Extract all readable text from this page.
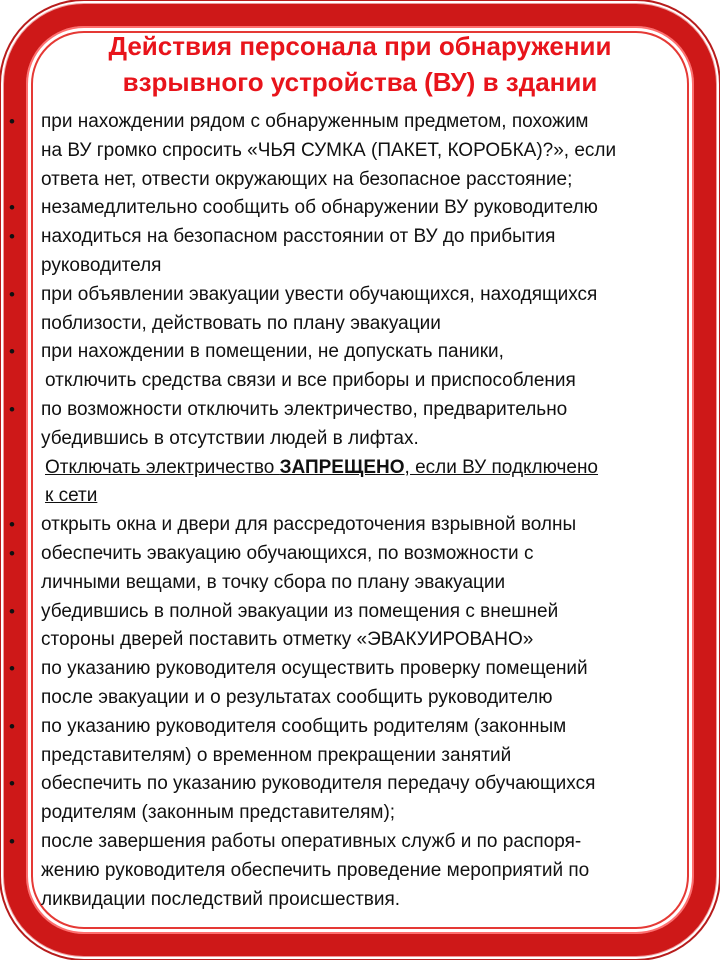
Действия персонала при обнаружении
взрывного устройства (ВУ) в здании
• при нахождении рядом с обнаруженным предметом, похожим
на ВУ громко спросить «ЧЬЯ СУМКА (ПАКЕТ, КОРОБКА)?», если
ответа нет, отвести окружающих на безопасное расстояние;
• незамедлительно сообщить об обнаружении ВУ руководителю
• находиться на безопасном расстоянии от ВУ до прибытия
руководителя
• при объявлении эвакуации увести обучающихся, находящихся
поблизости, действовать по плану эвакуации
• при нахождении в помещении, не допускать паники,
отключить средства связи и все приборы и приспособления
• по возможности отключить электричество, предварительно
убедившись в отсутствии людей в лифтах.
Отключать электричество ЗАПРЕЩЕНО, если ВУ подключено
к сети
• открыть окна и двери для рассредоточения взрывной волны
• обеспечить эвакуацию обучающихся, по возможности с
личными вещами, в точку сбора по плану эвакуации
• убедившись в полной эвакуации из помещения с внешней
стороны дверей поставить отметку «ЭВАКУИРОВАНО»
• по указанию руководителя осуществить проверку помещений
после эвакуации и о результатах сообщить руководителю
• по указанию руководителя сообщить родителям (законным
представителям) о временном прекращении занятий
• обеспечить по указанию руководителя передачу обучающихся
родителям (законным представителям);
• после завершения работы оперативных служб и по распоря-
жению руководителя обеспечить проведение мероприятий по
ликвидации последствий происшествия.
